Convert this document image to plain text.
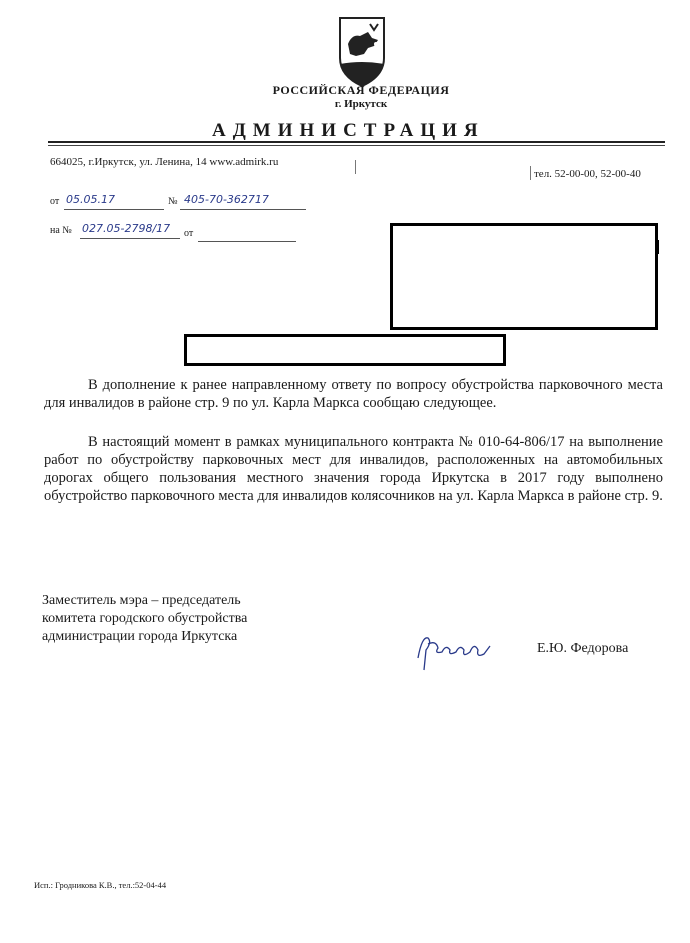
РОССИЙСКАЯ ФЕДЕРАЦИЯ
г. Иркутск
АДМИНИСТРАЦИЯ
664025, г.Иркутск, ул. Ленина, 14 www.admirk.ru
тел. 52-00-00, 52-00-40
от 05.05.17	№ 405-70-362717
на № 027.05-2798/17 от
В дополнение к ранее направленному ответу по вопросу обустройства парковочного места для инвалидов в районе стр. 9 по ул. Карла Маркса сообщаю следующее.
В настоящий момент в рамках муниципального контракта № 010-64-806/17 на выполнение работ по обустройству парковочных мест для инвалидов, расположенных на автомобильных дорогах общего пользования местного значения города Иркутска в 2017 году выполнено обустройство парковочного места для инвалидов колясочников на ул. Карла Маркса в районе стр. 9.
Заместитель мэра – председатель
комитета городского обустройства
администрации города Иркутска
Е.Ю. Федорова
Исп.: Гродникова К.В., тел.:52-04-44
